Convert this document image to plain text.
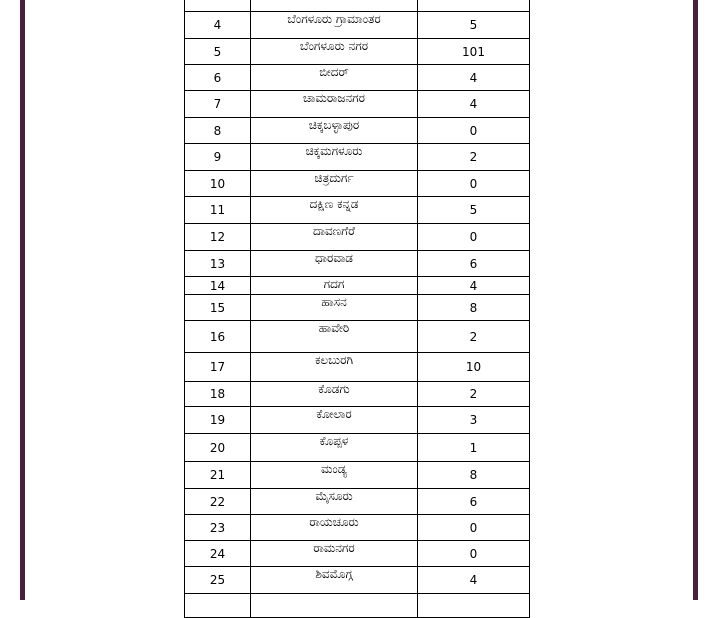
4	ಬೆಂಗಳೂರು ಗ್ರಾಮಾಂತರ	5
5	ಬೆಂಗಳೂರು ನಗರ	101
6	ಬೀದರ್	4
7	ಚಾಮರಾಜನಗರ	4
8	ಚಿಕ್ಕಬಳ್ಳಾಪುರ	0
9	ಚಿಕ್ಕಮಗಳೂರು	2
10	ಚಿತ್ರದುರ್ಗ	0
11	ದಕ್ಷಿಣ ಕನ್ನಡ	5
12	ದಾವಣಗೆರೆ	0
13	ಧಾರವಾಡ	6
14	ಗದಗ	4
15	ಹಾಸನ	8
16	ಹಾವೇರಿ	2
17	ಕಲಬುರಗಿ	10
18	ಕೊಡಗು	2
19	ಕೋಲಾರ	3
20	ಕೊಪ್ಪಳ	1
21	ಮಂಡ್ಯ	8
22	ಮೈಸೂರು	6
23	ರಾಯಚೂರು	0
24	ರಾಮನಗರ	0
25	ಶಿವಮೊಗ್ಗ	4
